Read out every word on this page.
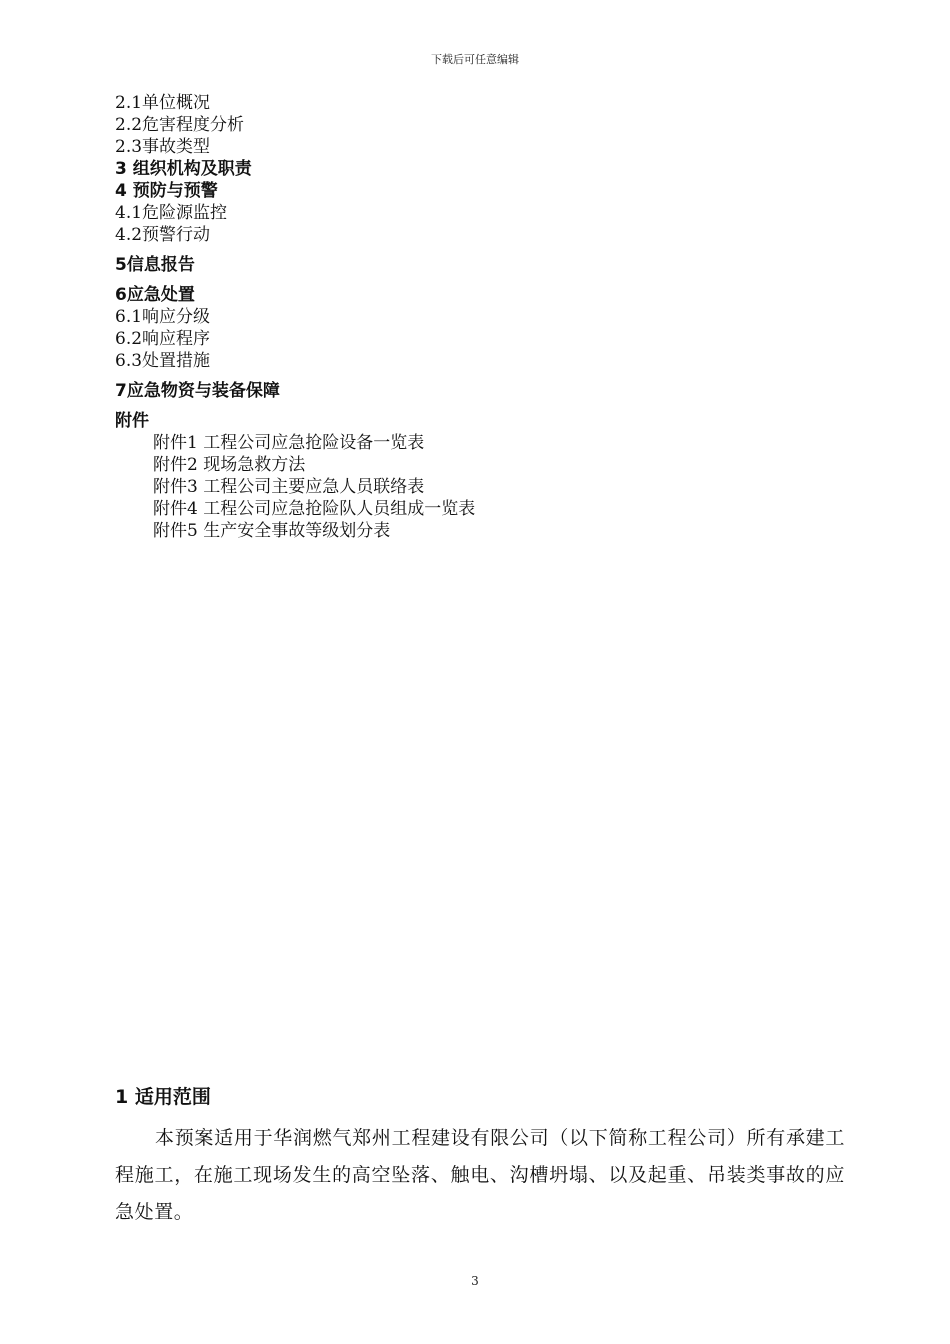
下载后可任意编辑
2.1单位概况
2.2危害程度分析
2.3事故类型
3 组织机构及职责
4 预防与预警
4.1危险源监控
4.2预警行动
5信息报告
6应急处置
6.1响应分级
6.2响应程序
6.3处置措施
7应急物资与装备保障
附件
附件1 工程公司应急抢险设备一览表
附件2 现场急救方法
附件3 工程公司主要应急人员联络表
附件4 工程公司应急抢险队人员组成一览表
附件5 生产安全事故等级划分表
1 适用范围

本预案适用于华润燃气郑州工程建设有限公司（以下简称工程公司）所有承建工程施工，在施工现场发生的高空坠落、触电、沟槽坍塌、以及起重、吊装类事故的应急处置。

3
